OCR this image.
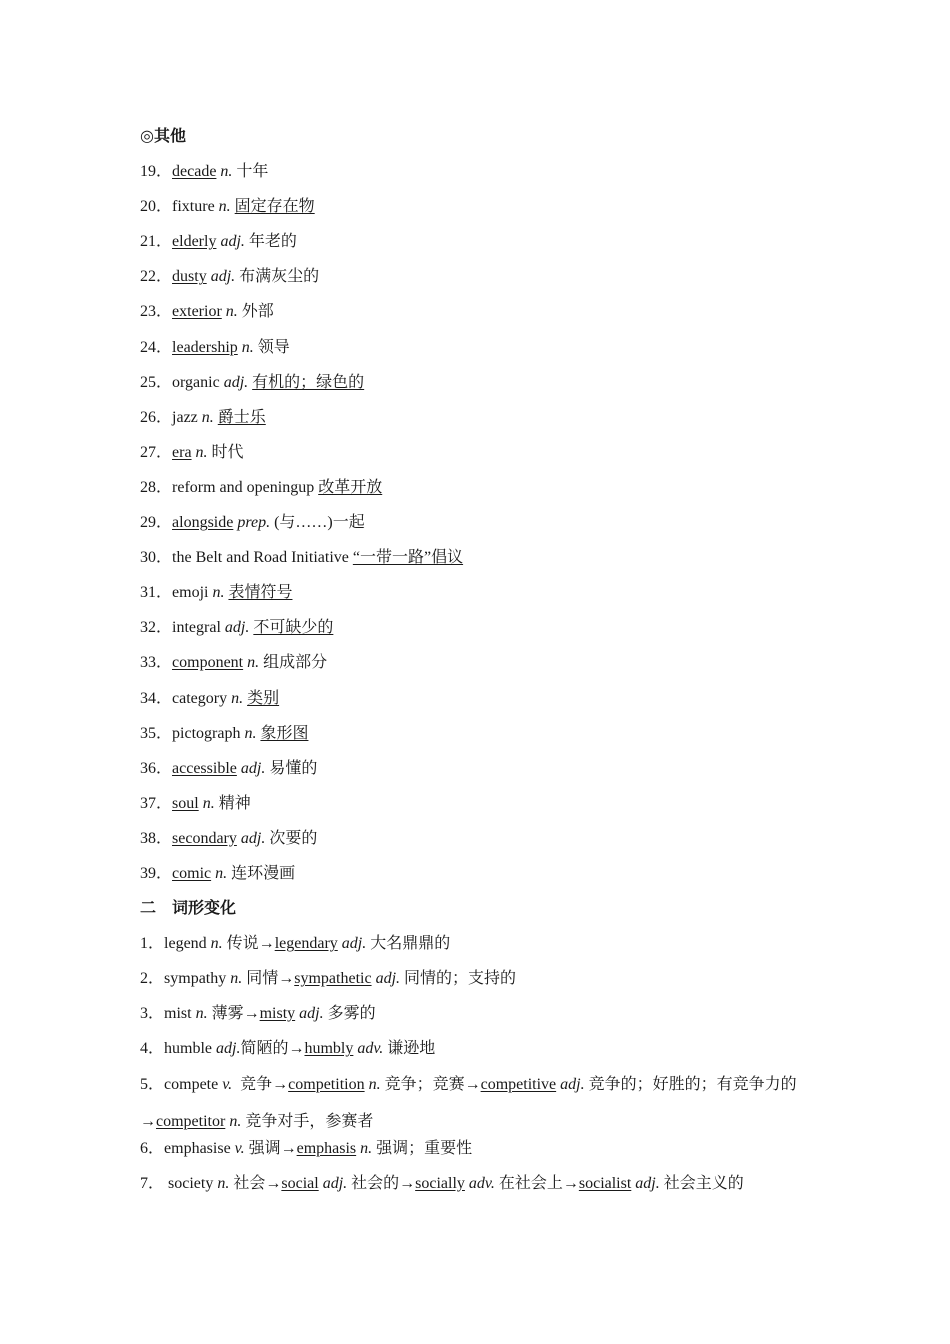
◎其他
19．decade n. 十年
20．fixture n. 固定存在物
21．elderly adj. 年老的
22．dusty adj. 布满灰尘的
23．exterior n. 外部
24．leadership n. 领导
25．organic adj. 有机的；绿色的
26．jazz n. 爵士乐
27．era n. 时代
28．reform and openingup 改革开放
29．alongside prep. (与……)一起
30．the Belt and Road Initiative “一带一路”倡议
31．emoji n. 表情符号
32．integral adj. 不可缺少的
33．component n. 组成部分
34．category n. 类别
35．pictograph n. 象形图
36．accessible adj. 易懂的
37．soul n. 精神
38．secondary adj. 次要的
39．comic n. 连环漫画
二　词形变化
1．legend n. 传说→legendary adj. 大名鼎鼎的
2．sympathy n. 同情→sympathetic adj. 同情的；支持的
3．mist n. 薄雾→misty adj. 多雾的
4．humble adj.简陋的→humbly adv. 谦逊地
5．compete v.  竞争→competition n. 竞争；竞赛→competitive adj. 竞争的；好胜的；有竞争力的→competitor n. 竞争对手，参赛者
6．emphasise v. 强调→emphasis n. 强调；重要性
7． society n. 社会→social adj. 社会的→socially adv. 在社会上→socialist adj. 社会主义的
